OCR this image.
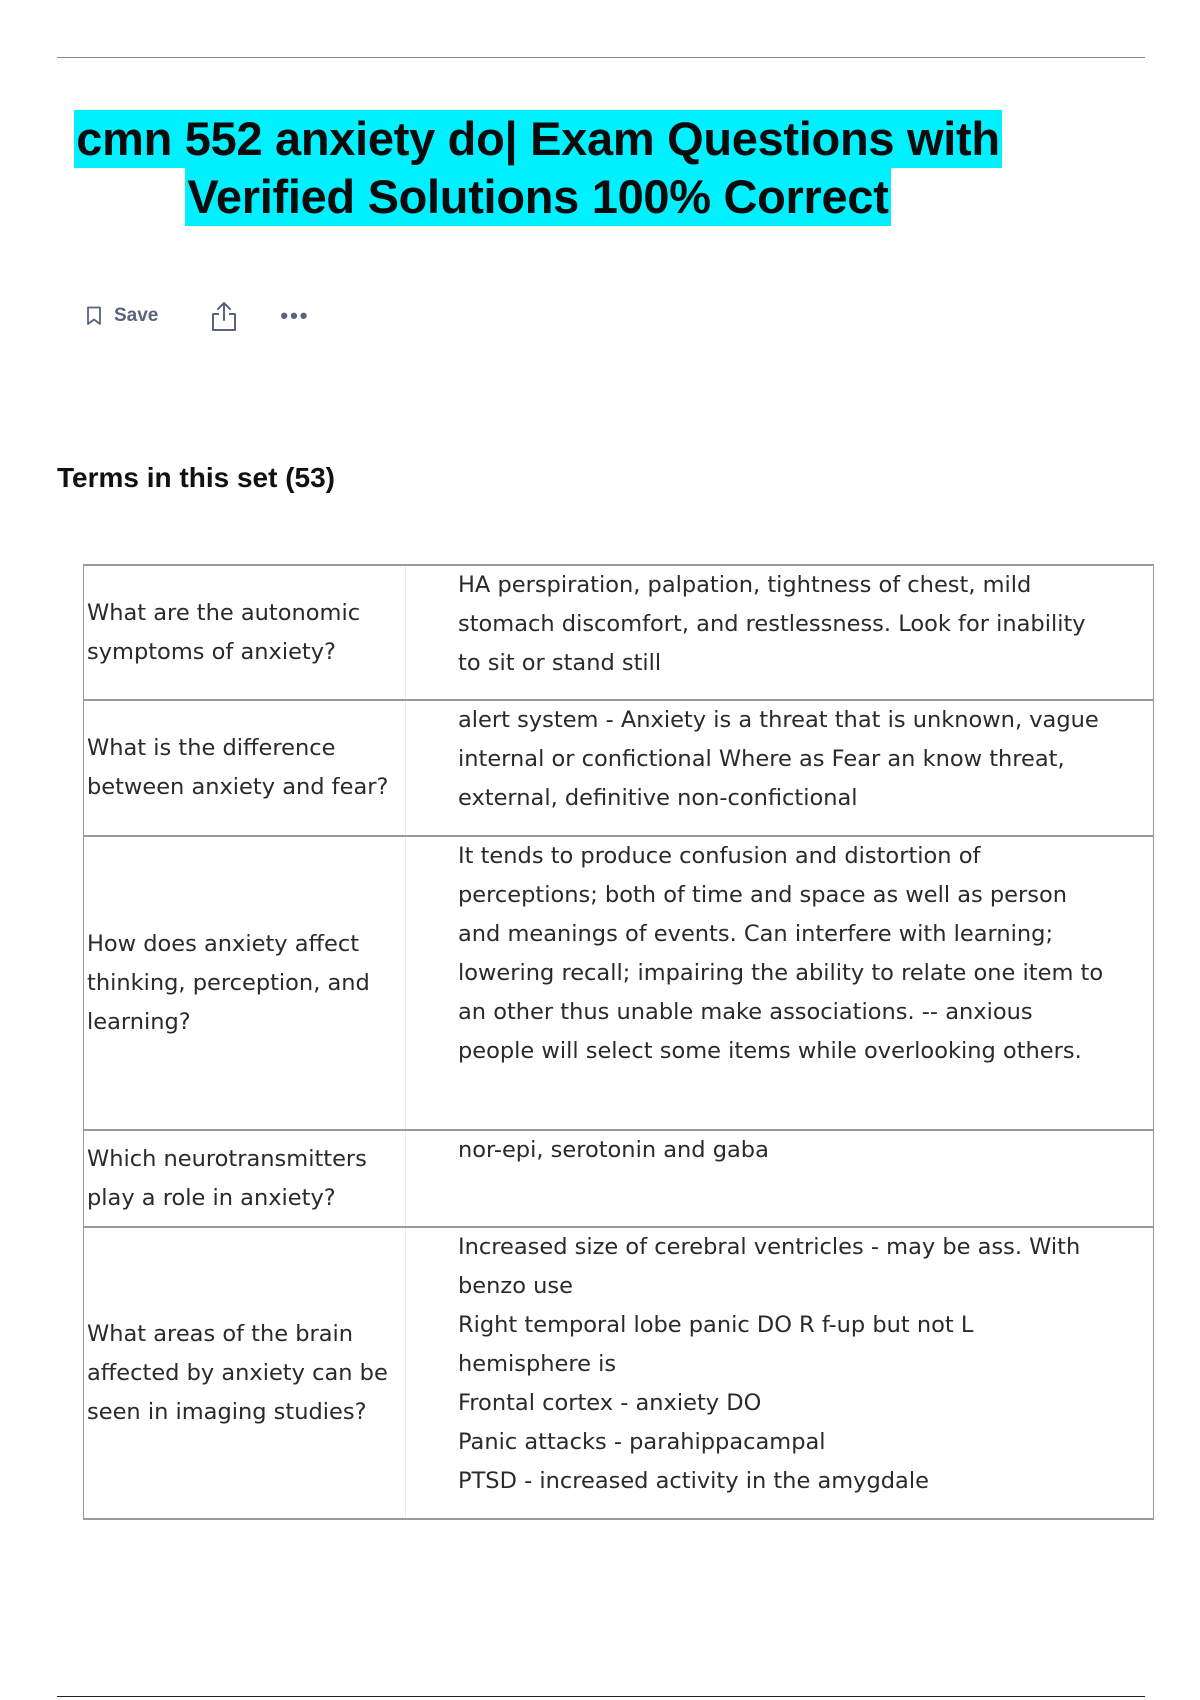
cmn 552 anxiety do| Exam Questions with
Verified Solutions 100% Correct
Save	•••
Terms in this set (53)
What are the autonomic symptoms of anxiety?	HA perspiration, palpation, tightness of chest, mild stomach discomfort, and restlessness. Look for inability to sit or stand still

What is the difference between anxiety and fear?	alert system - Anxiety is a threat that is unknown, vague internal or confictional Where as Fear an know threat, external, definitive non-confictional

How does anxiety affect thinking, perception, and learning?	It tends to produce confusion and distortion of perceptions; both of time and space as well as person and meanings of events. Can interfere with learning; lowering recall; impairing the ability to relate one item to an other thus unable make associations. -- anxious people will select some items while overlooking others.

Which neurotransmitters play a role in anxiety?	nor-epi, serotonin and gaba

What areas of the brain affected by anxiety can be seen in imaging studies?	Increased size of cerebral ventricles - may be ass. With benzo use
Right temporal lobe panic DO R f-up but not L hemisphere is
Frontal cortex - anxiety DO
Panic attacks - parahippacampal
PTSD - increased activity in the amygdale
